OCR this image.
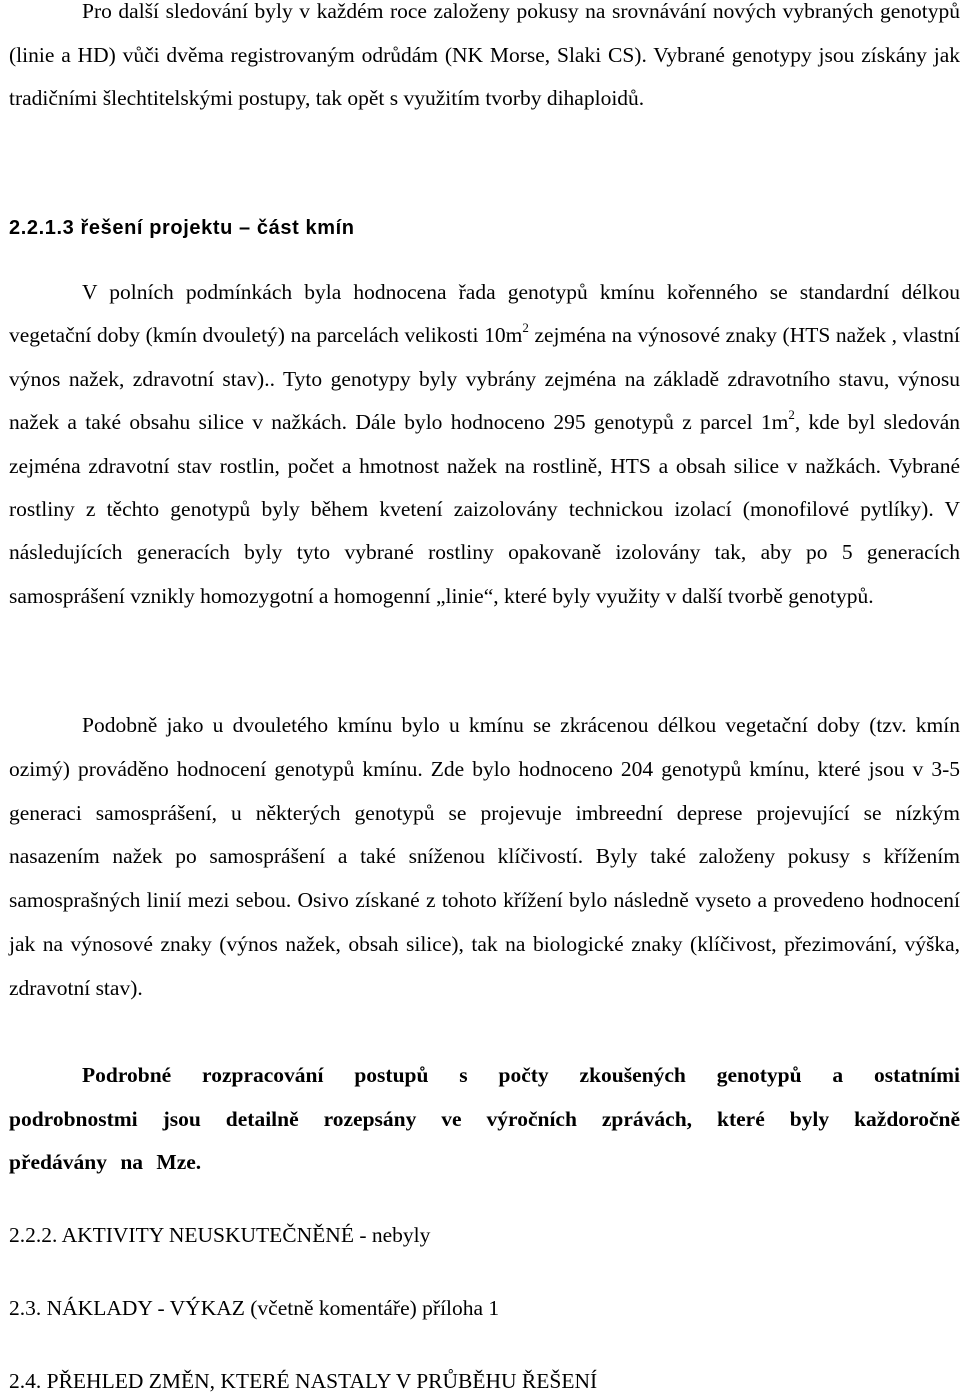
Pro další sledování byly v každém roce založeny pokusy na srovnávání nových vybraných genotypů (linie a HD) vůči dvěma registrovaným odrůdám (NK Morse, Slaki CS). Vybrané genotypy jsou získány jak tradičními šlechtitelskými postupy, tak opět s využitím tvorby dihaploidů.

2.2.1.3 řešení projektu – část kmín

V polních podmínkách byla hodnocena řada genotypů kmínu kořenného se standardní délkou vegetační doby (kmín dvouletý) na parcelách velikosti $10m^2$ zejména na výnosové znaky (HTS nažek , vlastní výnos nažek, zdravotní stav).. Tyto genotypy byly vybrány zejména na základě zdravotního stavu, výnosu nažek a také obsahu silice v nažkách. Dále bylo hodnoceno 295 genotypů z parcel $1m^2$, kde byl sledován zejména zdravotní stav rostlin, počet a hmotnost nažek na rostlině, HTS a obsah silice v nažkách. Vybrané rostliny z těchto genotypů byly během kvetení zaizolovány technickou izolací (monofilové pytlíky). V následujících generacích byly tyto vybrané rostliny opakovaně izolovány tak, aby po 5 generacích samosprášení vznikly homozygotní a homogenní „linie“, které byly využity v další tvorbě genotypů.

Podobně jako u dvouletého kmínu bylo u kmínu se zkrácenou délkou vegetační doby (tzv. kmín ozimý) prováděno hodnocení genotypů kmínu. Zde bylo hodnoceno 204 genotypů kmínu, které jsou v 3-5 generaci samosprášení, u některých genotypů se projevuje imbreední deprese projevující se nízkým nasazením nažek po samosprášení a také sníženou klíčivostí. Byly také založeny pokusy s křížením samosprašných linií mezi sebou. Osivo získané z tohoto křížení bylo následně vyseto a provedeno hodnocení jak na výnosové znaky (výnos nažek, obsah silice), tak na biologické znaky (klíčivost, přezimování, výška, zdravotní stav).

Podrobné rozpracování postupů s počty zkoušených genotypů a ostatními podrobnostmi jsou detailně rozepsány ve výročních zprávách, které byly každoročně předávány na Mze.

2.2.2. AKTIVITY NEUSKUTEČNĚNÉ - nebyly
2.3. NÁKLADY - VÝKAZ (včetně komentáře) příloha 1
2.4. PŘEHLED ZMĚN, KTERÉ NASTALY V PRŮBĚHU ŘEŠENÍ
